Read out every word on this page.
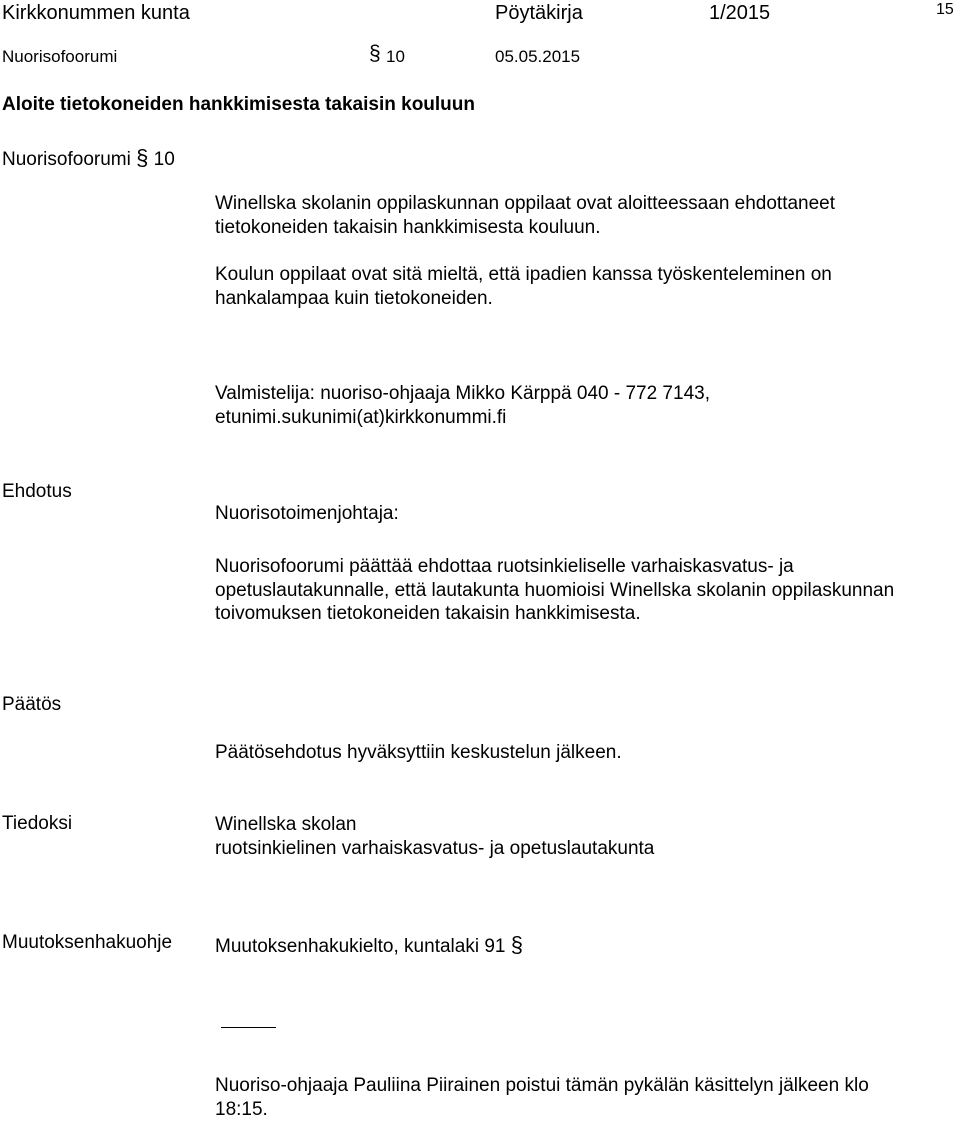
Kirkkonummen kunta	Pöytäkirja	1/2015	15
Nuorisofoorumi	§ 10	05.05.2015
Aloite tietokoneiden hankkimisesta takaisin kouluun
Nuorisofoorumi § 10
Winellska skolanin oppilaskunnan oppilaat ovat aloitteessaan ehdottaneet
tietokoneiden takaisin hankkimisesta kouluun.
Koulun oppilaat ovat sitä mieltä, että ipadien kanssa työskenteleminen on
hankalampaa kuin tietokoneiden.
Valmistelija: nuoriso-ohjaaja Mikko Kärppä 040 - 772 7143,
etunimi.sukunimi(at)kirkkonummi.fi
Ehdotus
Nuorisotoimenjohtaja:
Nuorisofoorumi päättää ehdottaa ruotsinkieliselle varhaiskasvatus- ja
opetuslautakunnalle, että lautakunta huomioisi Winellska skolanin oppilaskunnan
toivomuksen tietokoneiden takaisin hankkimisesta.
Päätös
Päätösehdotus hyväksyttiin keskustelun jälkeen.
Tiedoksi	Winellska skolan
ruotsinkielinen varhaiskasvatus- ja opetuslautakunta
Muutoksenhakuohje Muutoksenhakukielto, kuntalaki 91 §
Nuoriso-ohjaaja Pauliina Piirainen poistui tämän pykälän käsittelyn jälkeen klo
18:15.
